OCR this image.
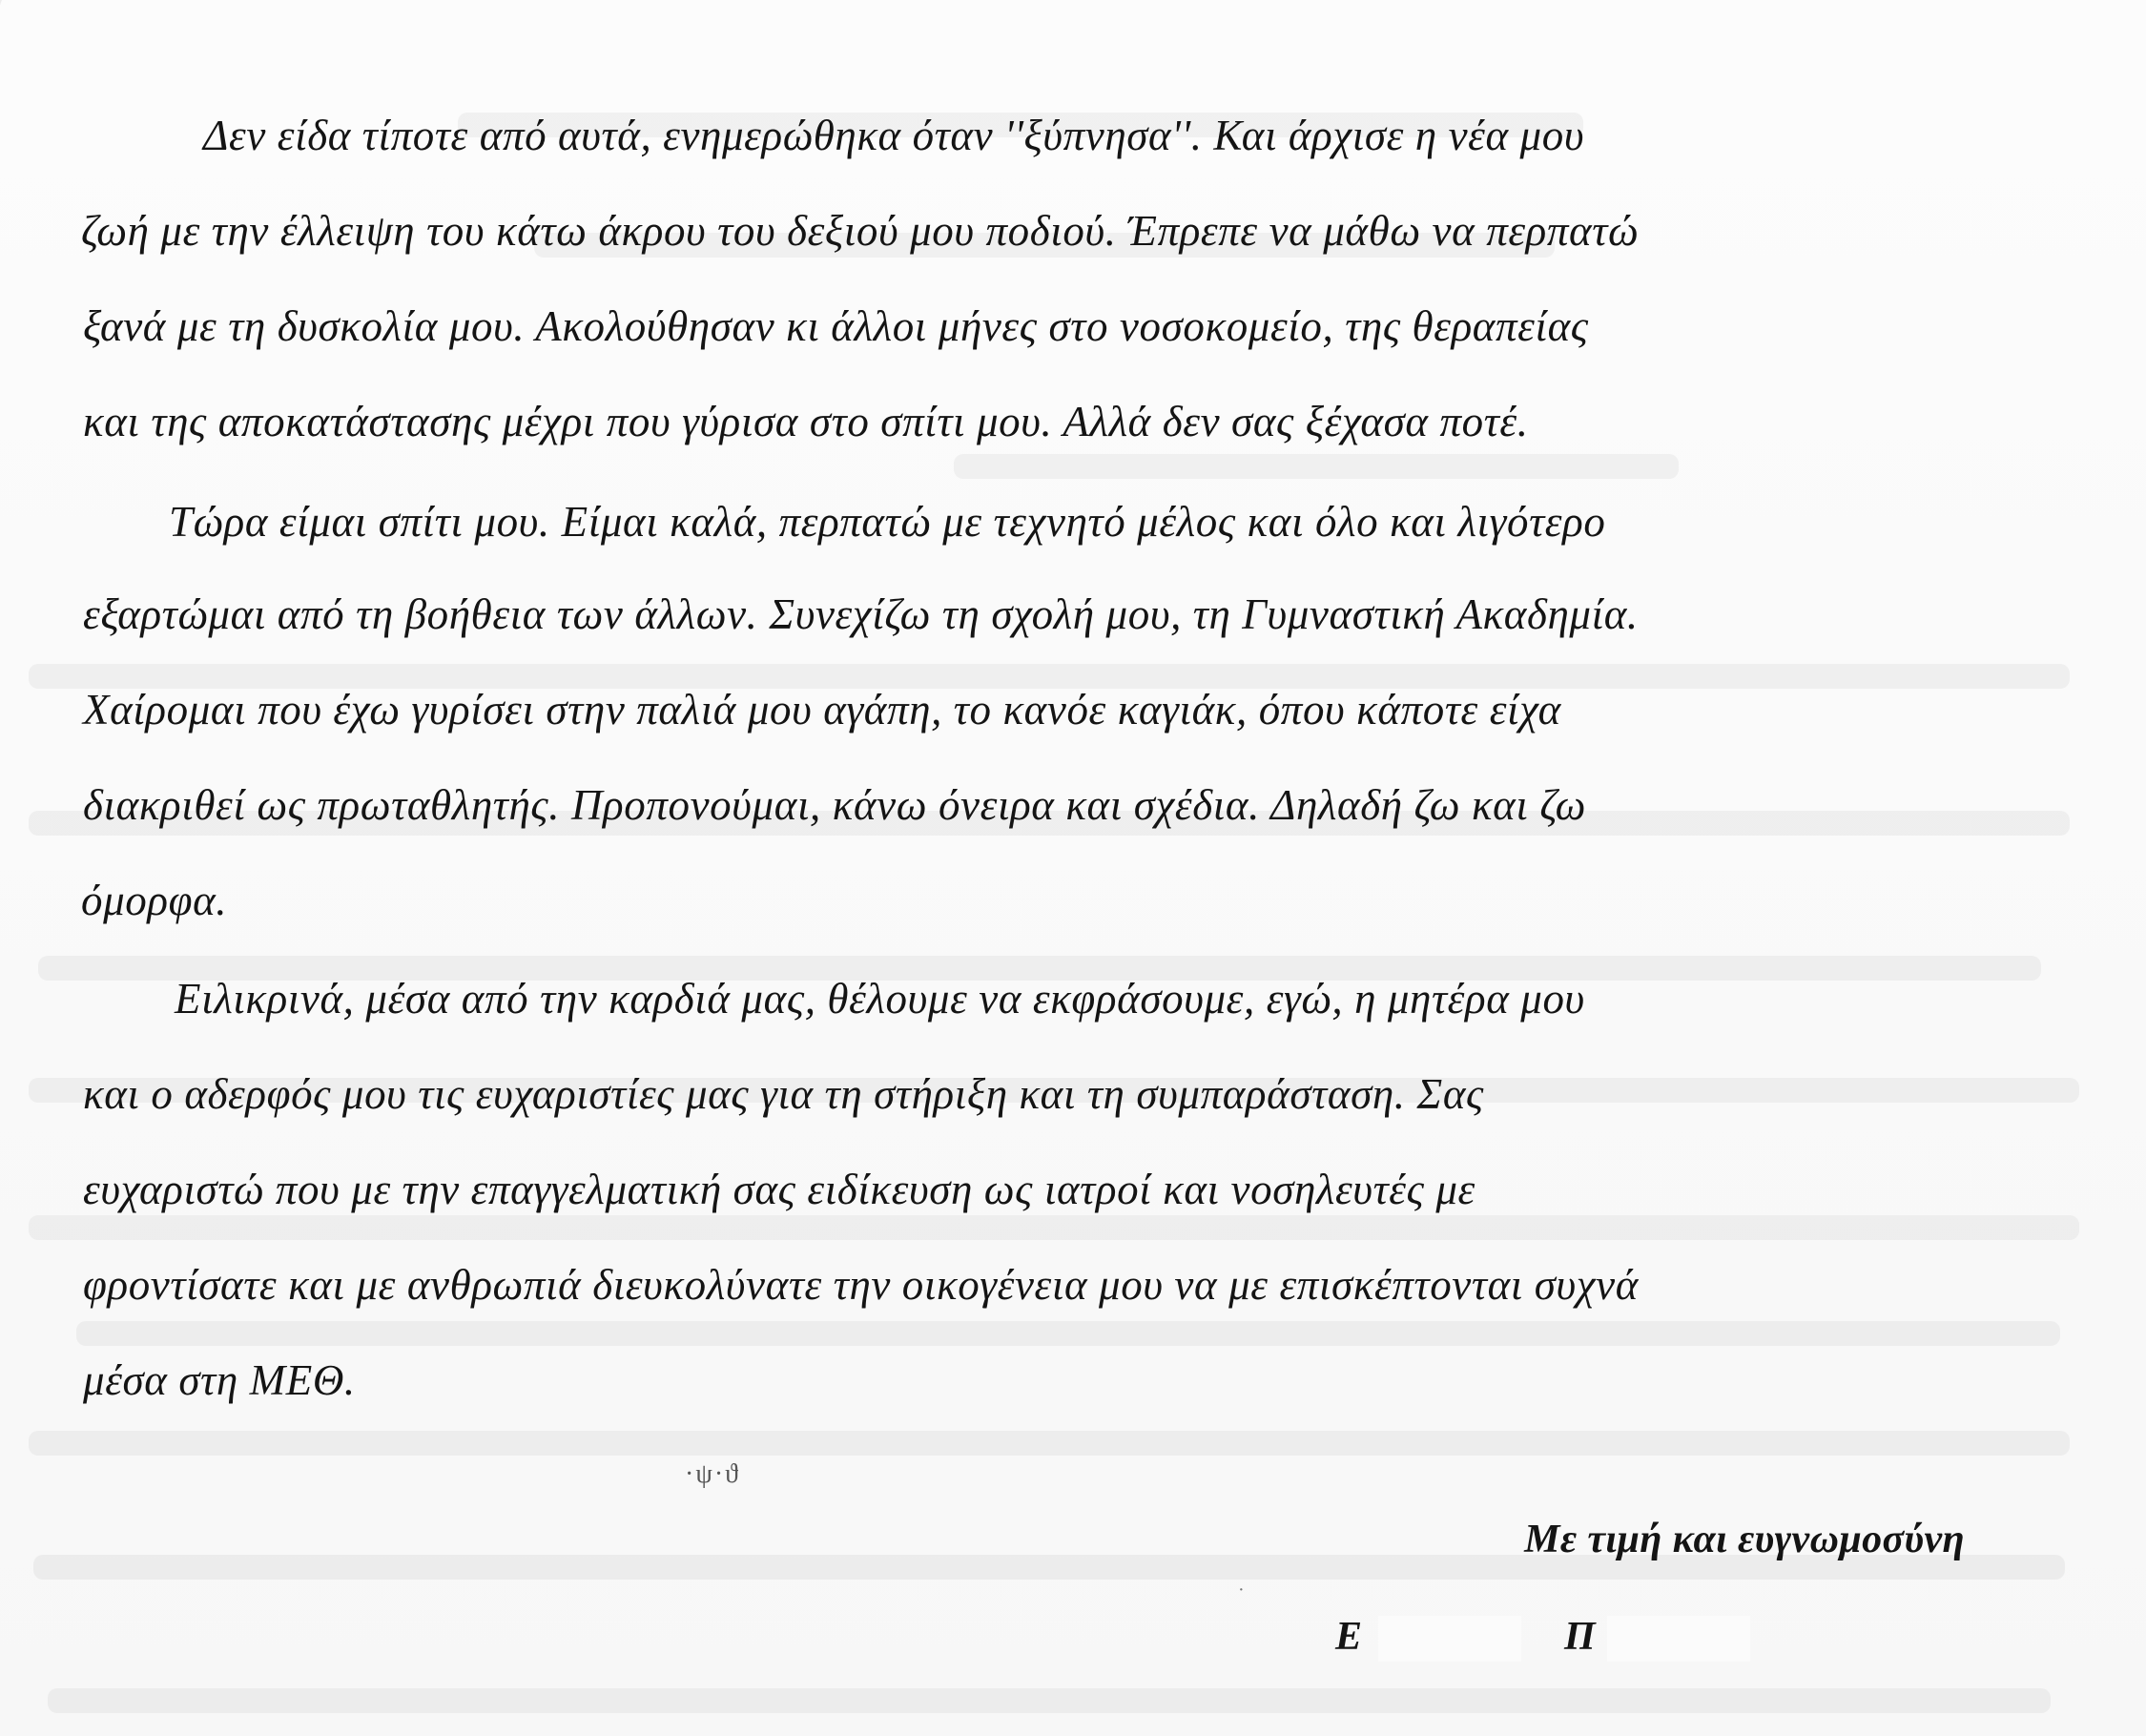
Δεν είδα τίποτε από αυτά, ενημερώθηκα όταν ''ξύπνησα''. Και άρχισε η νέα μου
ζωή με την έλλειψη του κάτω άκρου του δεξιού μου ποδιού. Έπρεπε να μάθω να περπατώ
ξανά με τη δυσκολία μου. Ακολούθησαν κι άλλοι μήνες στο νοσοκομείο, της θεραπείας
και της αποκατάστασης μέχρι που γύρισα στο σπίτι μου. Αλλά δεν σας ξέχασα ποτέ.
Τώρα είμαι σπίτι μου. Είμαι καλά, περπατώ με τεχνητό μέλος και όλο και λιγότερο
εξαρτώμαι από τη βοήθεια των άλλων. Συνεχίζω τη σχολή μου, τη Γυμναστική Ακαδημία.
Χαίρομαι που έχω γυρίσει στην παλιά μου αγάπη, το κανόε καγιάκ, όπου κάποτε είχα
διακριθεί ως πρωταθλητής. Προπονούμαι, κάνω όνειρα και σχέδια. Δηλαδή ζω και ζω
όμορφα.
Ειλικρινά, μέσα από την καρδιά μας, θέλουμε να εκφράσουμε, εγώ, η μητέρα μου
και ο αδερφός μου τις ευχαριστίες μας για τη στήριξη και τη συμπαράσταση. Σας
ευχαριστώ που με την επαγγελματική σας ειδίκευση ως ιατροί και νοσηλευτές με
φροντίσατε και με ανθρωπιά διευκολύνατε την οικογένεια μου να με επισκέπτονται συχνά
μέσα στη ΜΕΘ.
·ψ·ϑ
·
Με τιμή και ευγνωμοσύνη
Ε	Π
